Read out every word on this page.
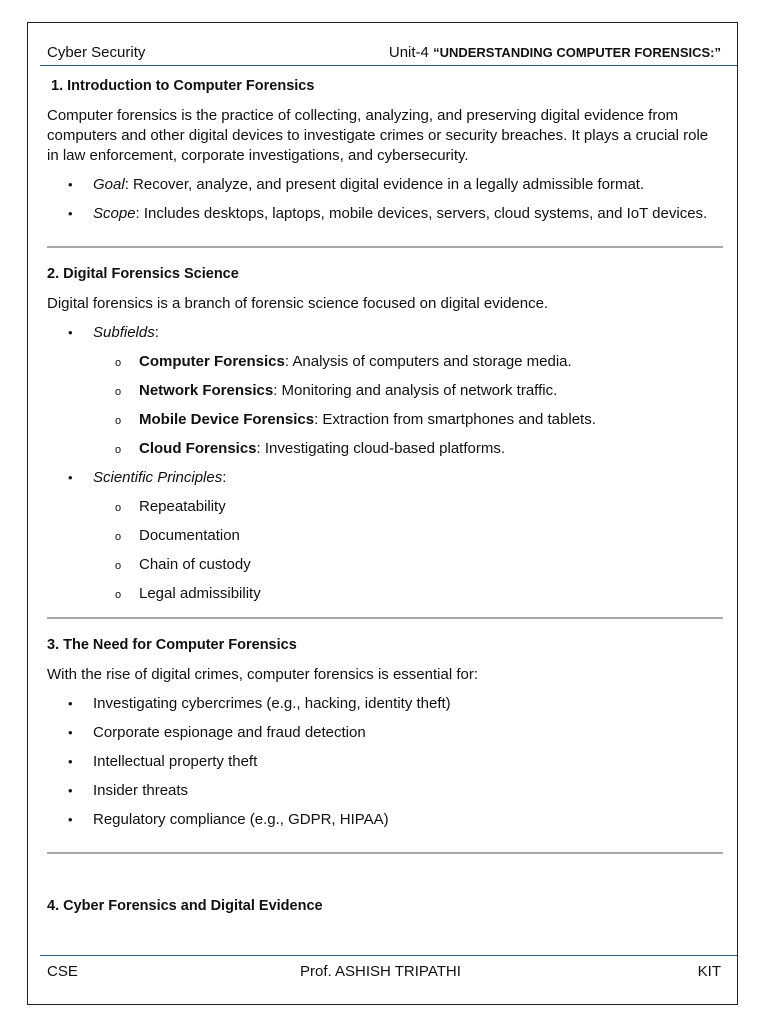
Cyber Security	Unit-4 “UNDERSTANDING COMPUTER FORENSICS:”
1. Introduction to Computer Forensics

Computer forensics is the practice of collecting, analyzing, and preserving digital evidence from computers and other digital devices to investigate crimes or security breaches. It plays a crucial role in law enforcement, corporate investigations, and cybersecurity.

• Goal: Recover, analyze, and present digital evidence in a legally admissible format.
• Scope: Includes desktops, laptops, mobile devices, servers, cloud systems, and IoT devices.
2. Digital Forensics Science

Digital forensics is a branch of forensic science focused on digital evidence.

• Subfields:
o Computer Forensics: Analysis of computers and storage media.
o Network Forensics: Monitoring and analysis of network traffic.
o Mobile Device Forensics: Extraction from smartphones and tablets.
o Cloud Forensics: Investigating cloud-based platforms.
• Scientific Principles:
o Repeatability
o Documentation
o Chain of custody
o Legal admissibility
3. The Need for Computer Forensics

With the rise of digital crimes, computer forensics is essential for:

• Investigating cybercrimes (e.g., hacking, identity theft)
• Corporate espionage and fraud detection
• Intellectual property theft
• Insider threats
• Regulatory compliance (e.g., GDPR, HIPAA)
4. Cyber Forensics and Digital Evidence
CSE	Prof. ASHISH TRIPATHI	KIT
